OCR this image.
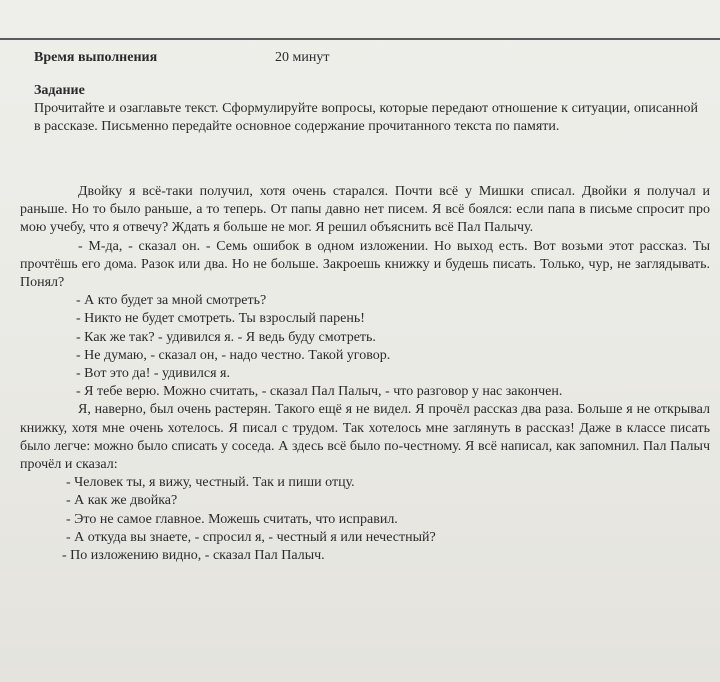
Время выполнения	20 минут
Задание
Прочитайте и озаглавьте текст. Сформулируйте вопросы, которые передают отношение к ситуации, описанной в рассказе. Письменно передайте основное содержание прочитанного текста по памяти.

Двойку я всё-таки получил, хотя очень старался. Почти всё у Мишки списал. Двойки я получал и раньше. Но то было раньше, а то теперь. От папы давно нет писем. Я всё боялся: если папа в письме спросит про мою учебу, что я отвечу? Ждать я больше не мог. Я решил объяснить всё Пал Палычу.

- М-да, - сказал он. - Семь ошибок в одном изложении. Но выход есть. Вот возьми этот рассказ. Ты прочтёшь его дома. Разок или два. Но не больше. Закроешь книжку и будешь писать. Только, чур, не заглядывать. Понял?

- А кто будет за мной смотреть?

- Никто не будет смотреть. Ты взрослый парень!

- Как же так? - удивился я. - Я ведь буду смотреть.

- Не думаю, - сказал он, - надо честно. Такой уговор.

- Вот это да! - удивился я.

- Я тебе верю. Можно считать, - сказал Пал Палыч, - что разговор у нас закончен.

Я, наверно, был очень растерян. Такого ещё я не видел. Я прочёл рассказ два раза. Больше я не открывал книжку, хотя мне очень хотелось. Я писал с трудом. Так хотелось мне заглянуть в рассказ! Даже в классе писать было легче: можно было списать у соседа. А здесь всё было по-честному. Я всё написал, как запомнил. Пал Палыч прочёл и сказал:

- Человек ты, я вижу, честный. Так и пиши отцу.

- А как же двойка?

- Это не самое главное. Можешь считать, что исправил.

- А откуда вы знаете, - спросил я, - честный я или нечестный?

- По изложению видно, - сказал Пал Палыч.
